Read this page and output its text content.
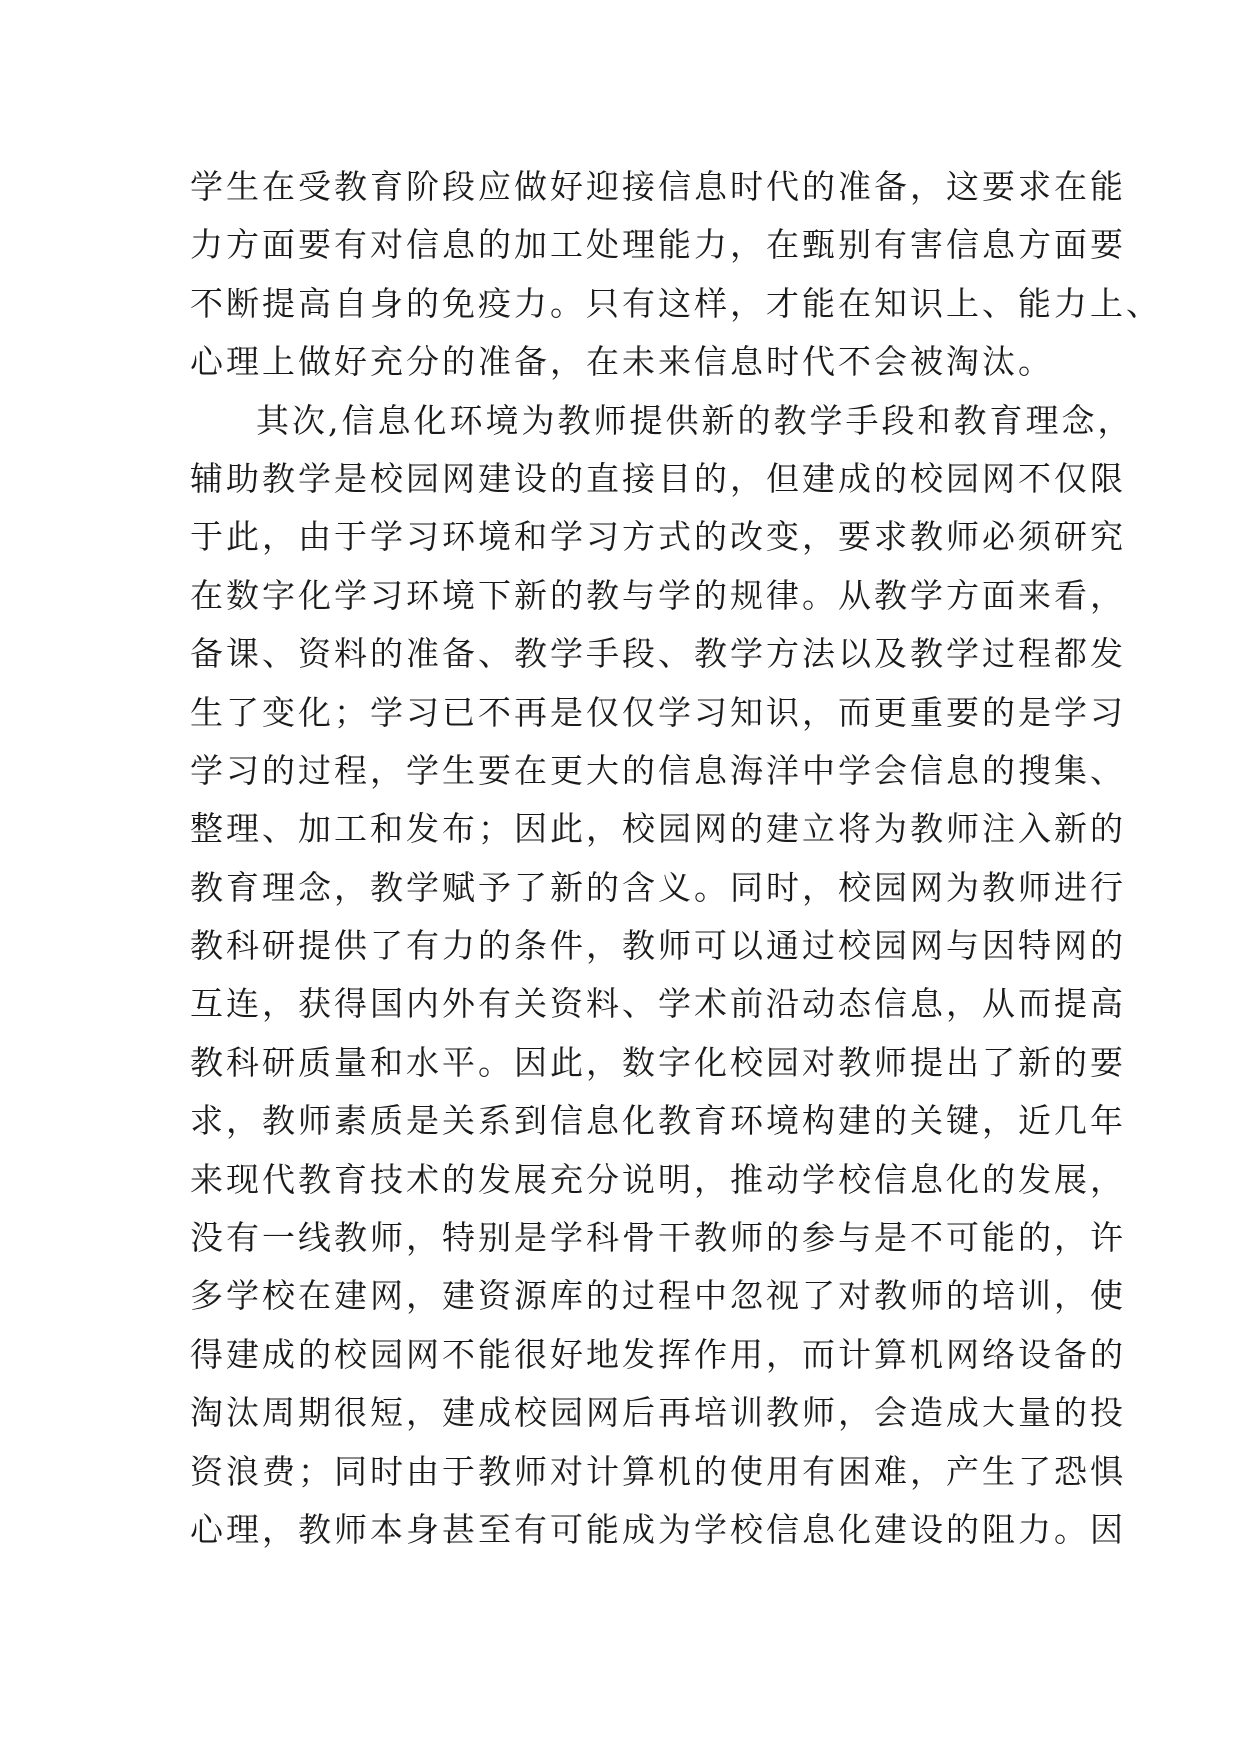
学生在受教育阶段应做好迎接信息时代的准备，这要求在能
力方面要有对信息的加工处理能力，在甄别有害信息方面要
不断提高自身的免疫力。只有这样，才能在知识上、能力上、
心理上做好充分的准备，在未来信息时代不会被淘汰。
其次,信息化环境为教师提供新的教学手段和教育理念，
辅助教学是校园网建设的直接目的，但建成的校园网不仅限
于此，由于学习环境和学习方式的改变，要求教师必须研究
在数字化学习环境下新的教与学的规律。从教学方面来看，
备课、资料的准备、教学手段、教学方法以及教学过程都发
生了变化；学习已不再是仅仅学习知识，而更重要的是学习
学习的过程，学生要在更大的信息海洋中学会信息的搜集、
整理、加工和发布；因此，校园网的建立将为教师注入新的
教育理念，教学赋予了新的含义。同时，校园网为教师进行
教科研提供了有力的条件，教师可以通过校园网与因特网的
互连，获得国内外有关资料、学术前沿动态信息，从而提高
教科研质量和水平。因此，数字化校园对教师提出了新的要
求，教师素质是关系到信息化教育环境构建的关键，近几年
来现代教育技术的发展充分说明，推动学校信息化的发展，
没有一线教师，特别是学科骨干教师的参与是不可能的，许
多学校在建网，建资源库的过程中忽视了对教师的培训，使
得建成的校园网不能很好地发挥作用，而计算机网络设备的
淘汰周期很短，建成校园网后再培训教师，会造成大量的投
资浪费；同时由于教师对计算机的使用有困难，产生了恐惧
心理，教师本身甚至有可能成为学校信息化建设的阻力。因
